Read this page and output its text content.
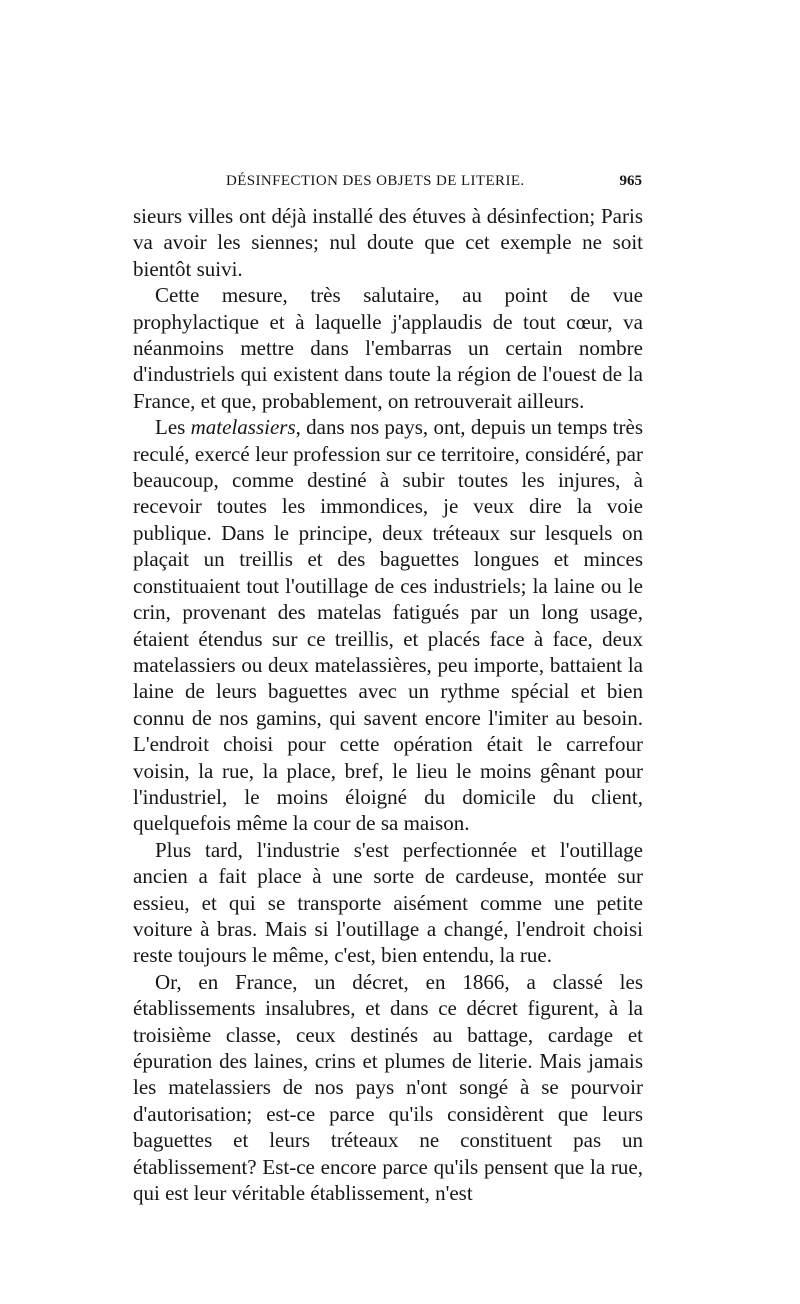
DÉSINFECTION DES OBJETS DE LITERIE.	965

sieurs villes ont déjà installé des étuves à désinfection; Paris va avoir les siennes; nul doute que cet exemple ne soit bientôt suivi.

Cette mesure, très salutaire, au point de vue prophylactique et à laquelle j'applaudis de tout cœur, va néanmoins mettre dans l'embarras un certain nombre d'industriels qui existent dans toute la région de l'ouest de la France, et que, probablement, on retrouverait ailleurs.

Les matelassiers, dans nos pays, ont, depuis un temps très reculé, exercé leur profession sur ce territoire, considéré, par beaucoup, comme destiné à subir toutes les injures, à recevoir toutes les immondices, je veux dire la voie publique. Dans le principe, deux tréteaux sur lesquels on plaçait un treillis et des baguettes longues et minces constituaient tout l'outillage de ces industriels; la laine ou le crin, provenant des matelas fatigués par un long usage, étaient étendus sur ce treillis, et placés face à face, deux matelassiers ou deux matelassières, peu importe, battaient la laine de leurs baguettes avec un rythme spécial et bien connu de nos gamins, qui savent encore l'imiter au besoin. L'endroit choisi pour cette opération était le carrefour voisin, la rue, la place, bref, le lieu le moins gênant pour l'industriel, le moins éloigné du domicile du client, quelquefois même la cour de sa maison.

Plus tard, l'industrie s'est perfectionnée et l'outillage ancien a fait place à une sorte de cardeuse, montée sur essieu, et qui se transporte aisément comme une petite voiture à bras. Mais si l'outillage a changé, l'endroit choisi reste toujours le même, c'est, bien entendu, la rue.

Or, en France, un décret, en 1866, a classé les établissements insalubres, et dans ce décret figurent, à la troisième classe, ceux destinés au battage, cardage et épuration des laines, crins et plumes de literie. Mais jamais les matelassiers de nos pays n'ont songé à se pourvoir d'autorisation; est-ce parce qu'ils considèrent que leurs baguettes et leurs tréteaux ne constituent pas un établissement? Est-ce encore parce qu'ils pensent que la rue, qui est leur véritable établissement, n'est
